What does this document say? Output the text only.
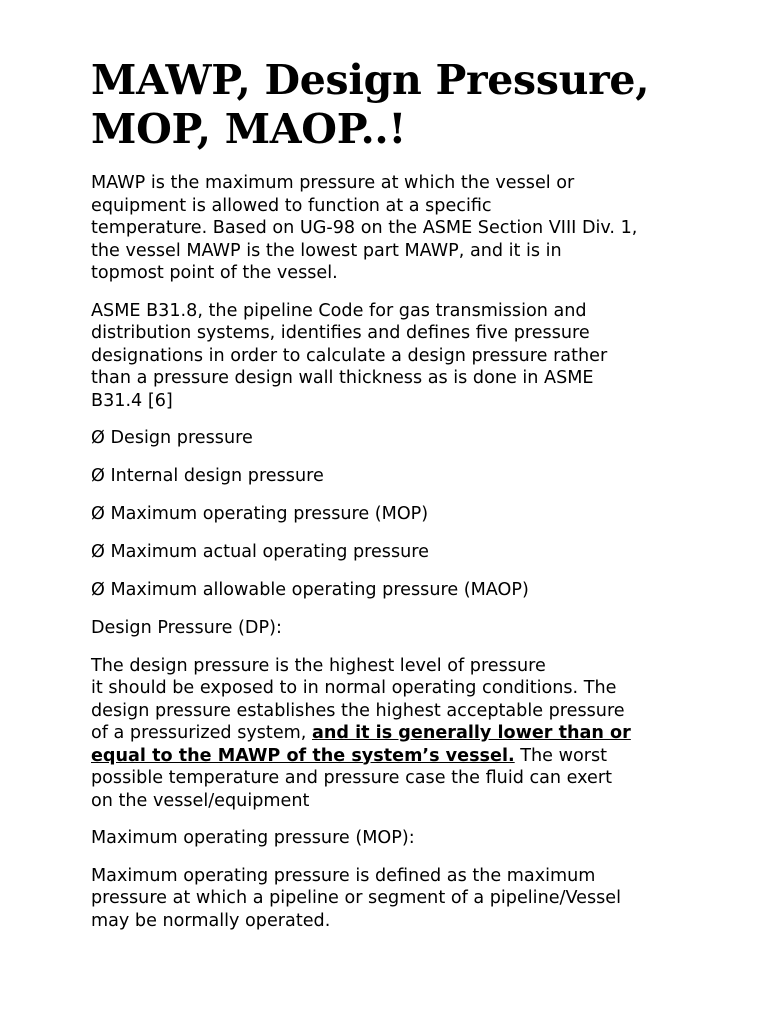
MAWP, Design Pressure,
MOP, MAOP..!

MAWP is the maximum pressure at which the vessel or
equipment is allowed to function at a specific
temperature. Based on UG-98 on the ASME Section VIII Div. 1,
the vessel MAWP is the lowest part MAWP, and it is in
topmost point of the vessel.

ASME B31.8, the pipeline Code for gas transmission and
distribution systems, identifies and defines five pressure
designations in order to calculate a design pressure rather
than a pressure design wall thickness as is done in ASME
B31.4 [6]

Ø Design pressure

Ø Internal design pressure

Ø Maximum operating pressure (MOP)

Ø Maximum actual operating pressure

Ø Maximum allowable operating pressure (MAOP)

Design Pressure (DP):

The design pressure is the highest level of pressure
it should be exposed to in normal operating conditions. The
design pressure establishes the highest acceptable pressure
of a pressurized system, and it is generally lower than or
equal to the MAWP of the system’s vessel. The worst
possible temperature and pressure case the fluid can exert
on the vessel/equipment

Maximum operating pressure (MOP):

Maximum operating pressure is defined as the maximum
pressure at which a pipeline or segment of a pipeline/Vessel
may be normally operated.
